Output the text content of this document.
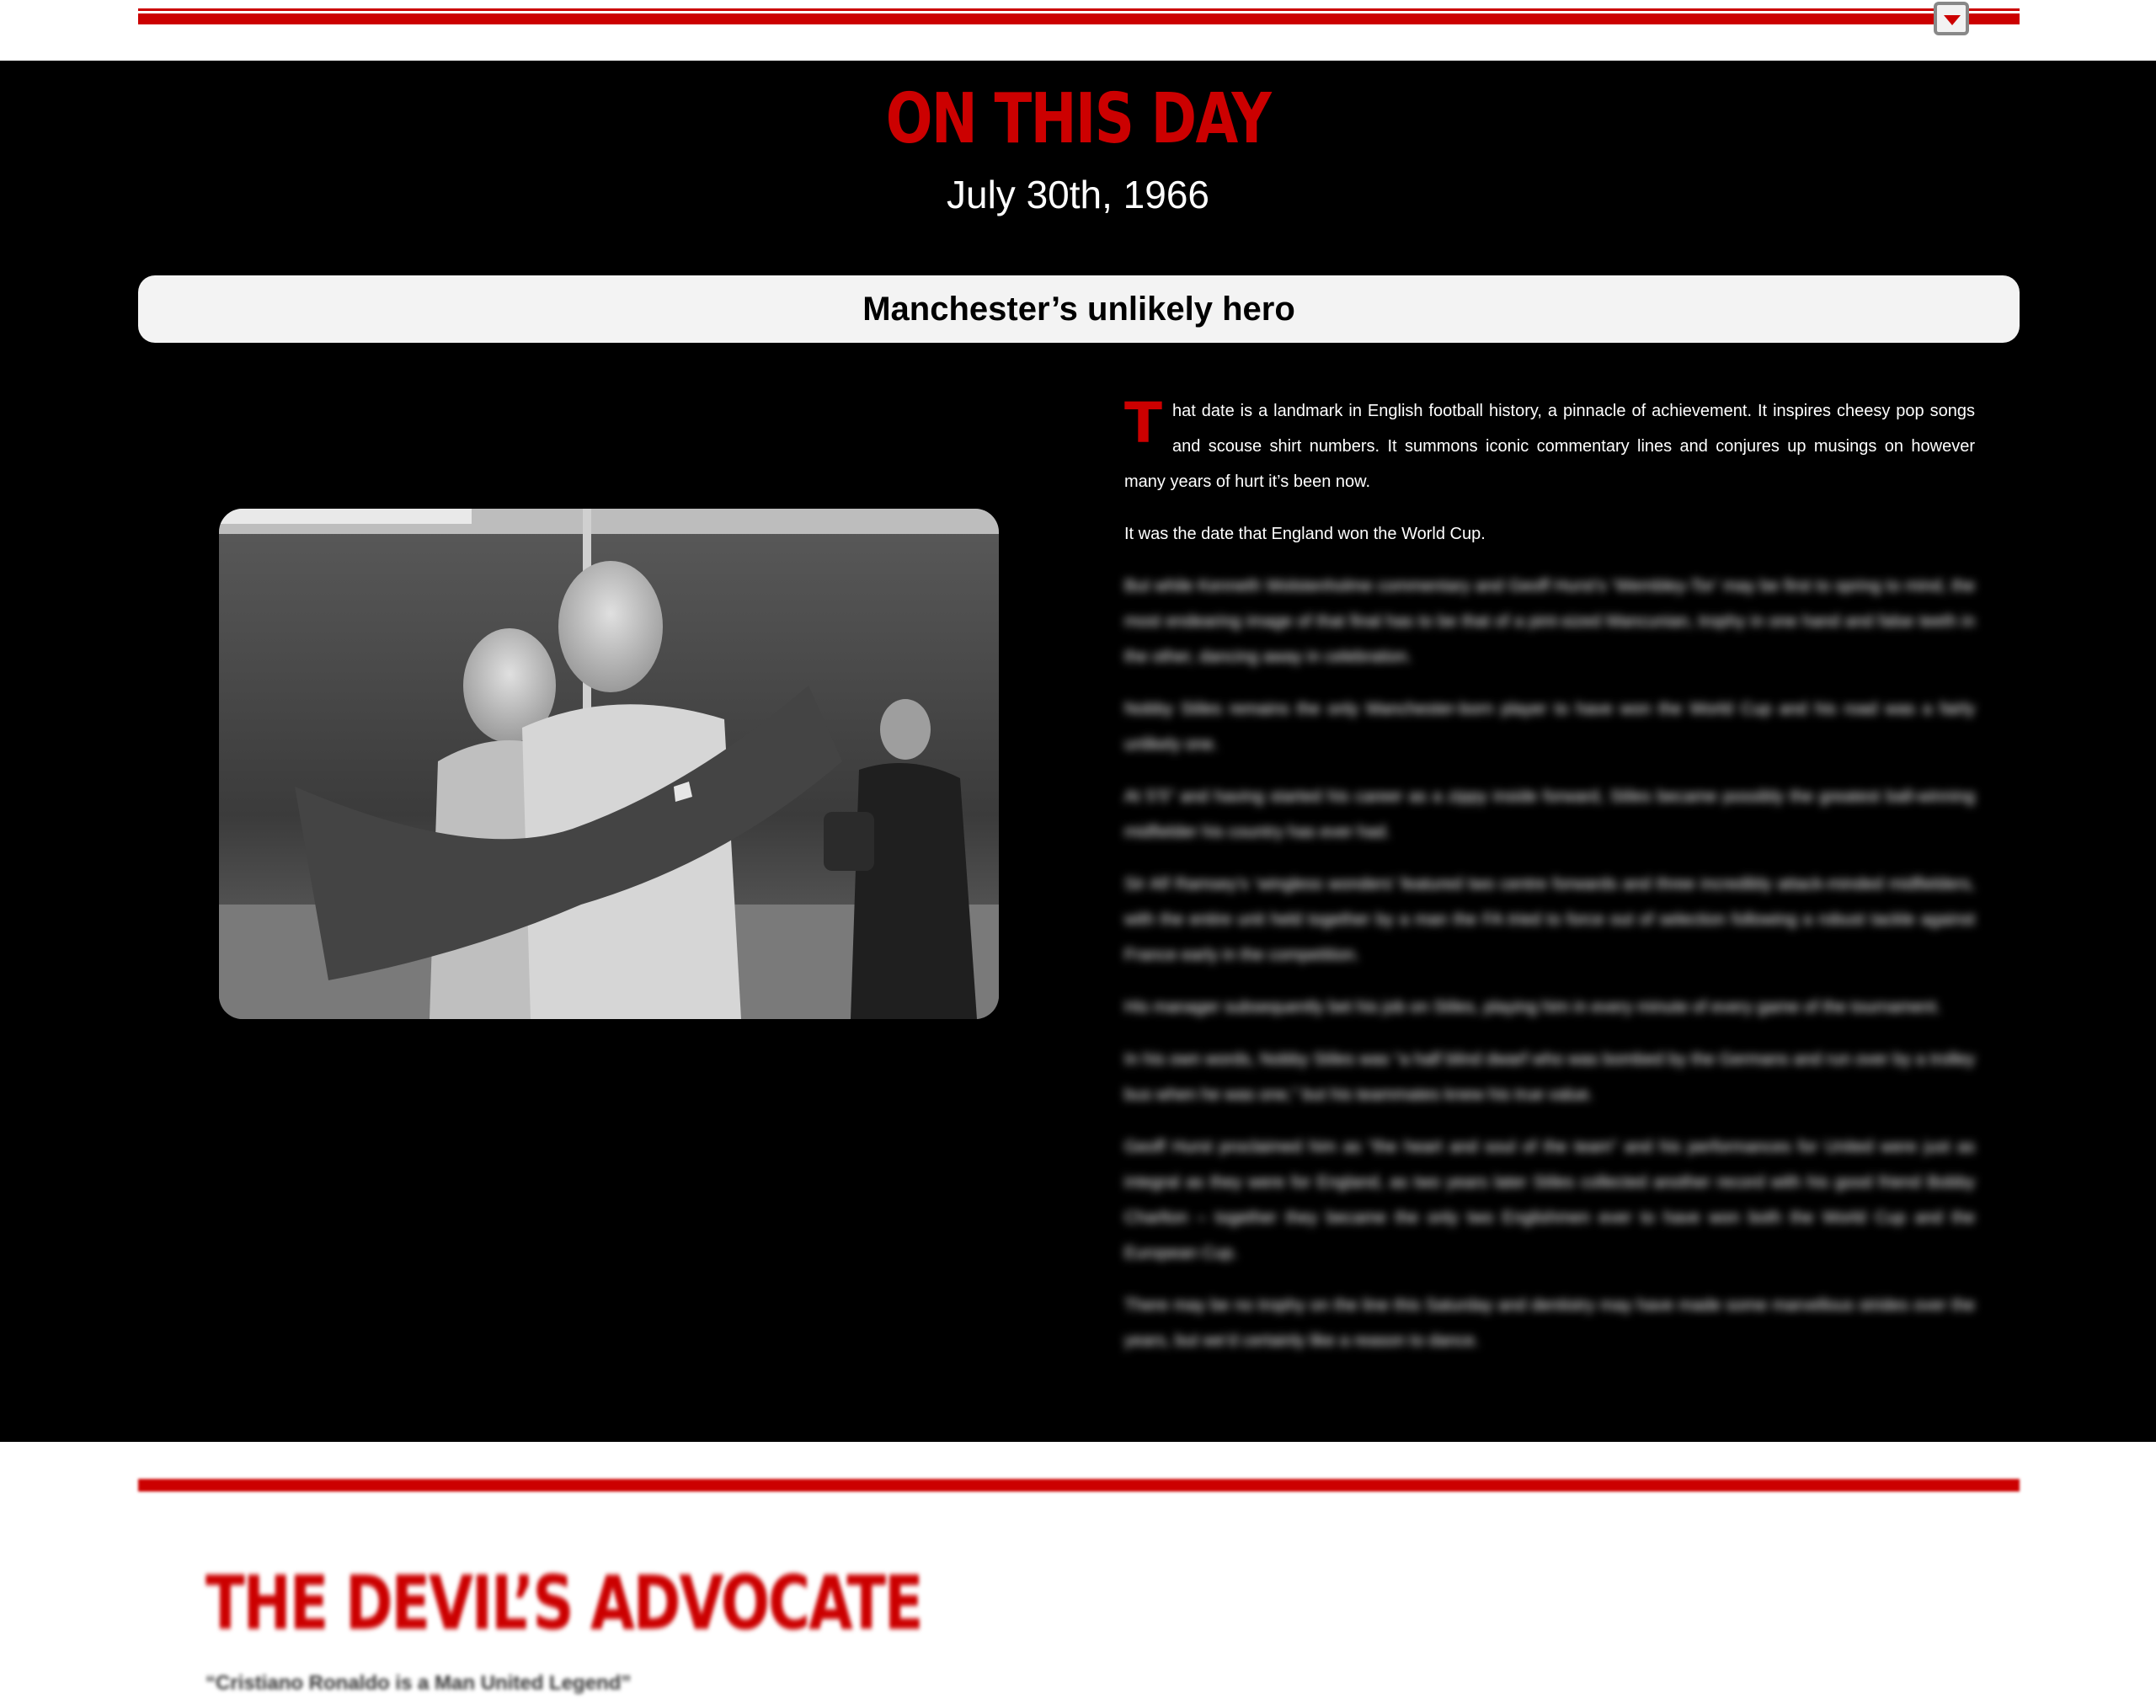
ON THIS DAY
July 30th, 1966
Manchester’s unlikely hero

That date is a landmark in English football history, a pinnacle of achievement. It inspires cheesy pop songs and scouse shirt numbers. It summons iconic commentary lines and conjures up musings on however many years of hurt it’s been now.

It was the date that England won the World Cup.

But while Kenneth Wolstenholme commentary and Geoff Hurst’s ‘Wembley-Tor’ may be first to spring to mind, the most endearing image of that final has to be that of a pint-sized Mancunian, trophy in one hand and false teeth in the other, dancing away in celebration.

Nobby Stiles remains the only Manchester-born player to have won the World Cup and his road was a fairly unlikely one.

At 5’5” and having started his career as a zippy inside forward, Stiles became possibly the greatest ball-winning midfielder his country has ever had.

Sir Alf Ramsey’s ‘wingless wonders’ featured two centre forwards and three incredibly attack-minded midfielders, with the entire unit held together by a man the FA tried to force out of selection following a robust tackle against France early in the competition.

His manager subsequently bet his job on Stiles, playing him in every minute of every game of the tournament.

In his own words, Nobby Stiles was “a half blind dwarf who was bombed by the Germans and run over by a trolley bus when he was one,” but his teammates knew his true value.

Geoff Hurst proclaimed him as “the heart and soul of the team” and his performances for United were just as integral as they were for England, as two years later Stiles collected another record with his good friend Bobby Charlton – together they became the only two Englishmen ever to have won both the World Cup and the European Cup.

There may be no trophy on the line this Saturday and dentistry may have made some marvellous strides over the years, but we’d certainly like a reason to dance.

THE DEVIL’S ADVOCATE
“Cristiano Ronaldo is a Man United Legend”
